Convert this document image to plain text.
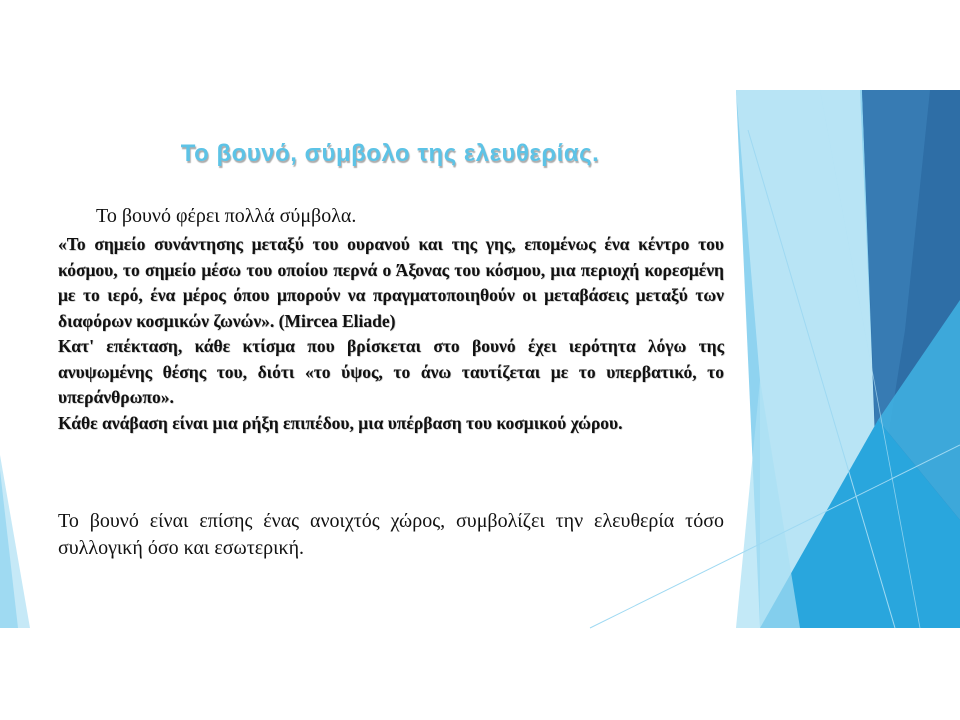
Το βουνό, σύμβολο της ελευθερίας.

Το βουνό φέρει πολλά σύμβολα.

«Το σημείο συνάντησης μεταξύ του ουρανού και της γης, επομένως ένα κέντρο του κόσμου, το σημείο μέσω του οποίου περνά ο Άξονας του κόσμου, μια περιοχή κορεσμένη με το ιερό, ένα μέρος όπου μπορούν να πραγματοποιηθούν οι μεταβάσεις μεταξύ των διαφόρων κοσμικών ζωνών». (Mircea Eliade)

Κατ' επέκταση, κάθε κτίσμα που βρίσκεται στο βουνό έχει ιερότητα λόγω της ανυψωμένης θέσης του, διότι «το ύψος, το άνω ταυτίζεται με το υπερβατικό, το υπεράνθρωπο».

Κάθε ανάβαση είναι μια ρήξη επιπέδου, μια υπέρβαση του κοσμικού χώρου.

Το βουνό είναι επίσης ένας ανοιχτός χώρος, συμβολίζει την ελευθερία τόσο συλλογική όσο και εσωτερική.
